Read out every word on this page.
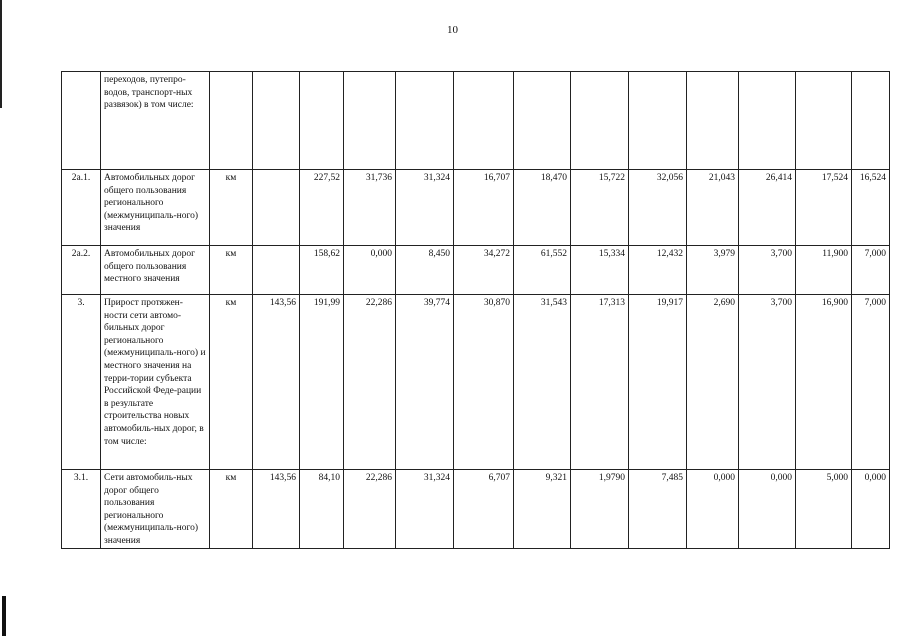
10
	переходов, путепро-водов, транспорт-ных развязок) в том числе:													
2а.1.	Автомобильных дорог общего пользования регионального (межмуниципаль-ного) значения	км		227,52	31,736	31,324	16,707	18,470	15,722	32,056	21,043	26,414	17,524	16,524
2а.2.	Автомобильных дорог общего пользования местного значения	км		158,62	0,000	8,450	34,272	61,552	15,334	12,432	3,979	3,700	11,900	7,000
3.	Прирост протяжен-ности сети автомо-бильных дорог регионального (межмуниципаль-ного) и местного значения на терри-тории субъекта Российской Феде-рации в результате строительства новых автомобиль-ных дорог, в том числе:	км	143,56	191,99	22,286	39,774	30,870	31,543	17,313	19,917	2,690	3,700	16,900	7,000
3.1.	Сети автомобиль-ных дорог общего пользования регионального (межмуниципаль-ного) значения	км	143,56	84,10	22,286	31,324	6,707	9,321	1,9790	7,485	0,000	0,000	5,000	0,000
